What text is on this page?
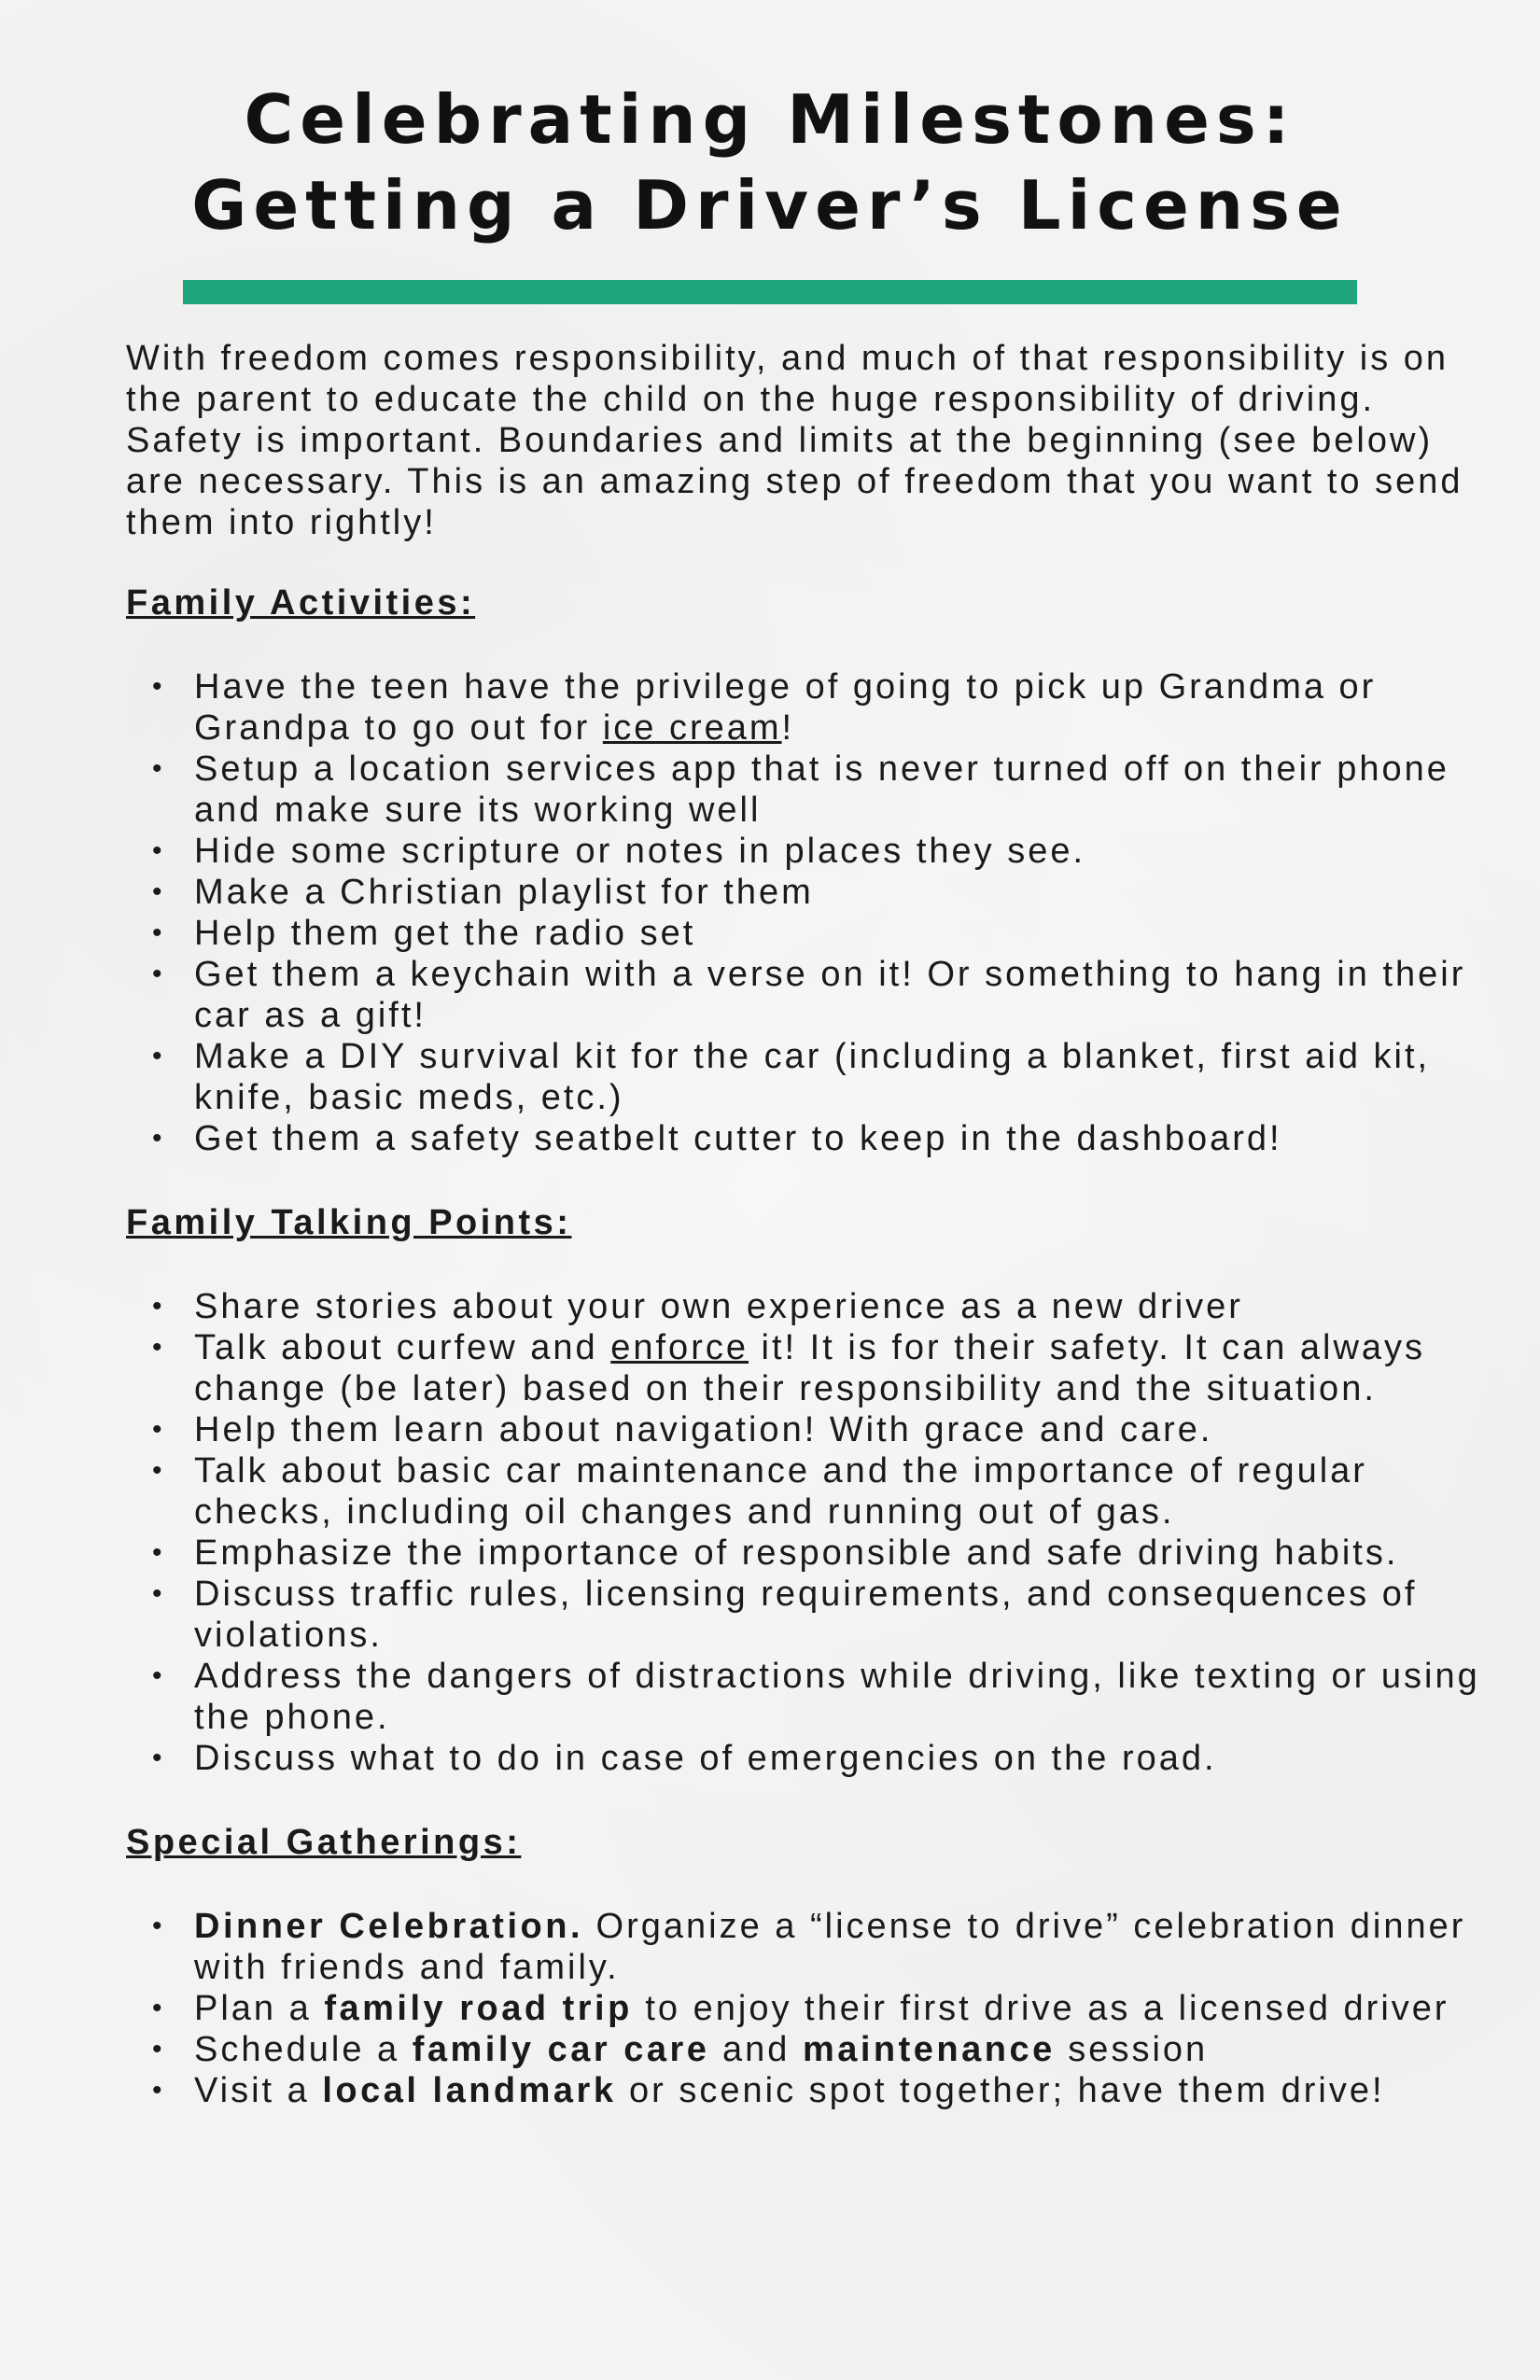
Celebrating Milestones:
Getting a Driver’s License

With freedom comes responsibility, and much of that responsibility is on the parent to educate the child on the huge responsibility of driving. Safety is important. Boundaries and limits at the beginning (see below) are necessary. This is an amazing step of freedom that you want to send them into rightly!

Family Activities:

• Have the teen have the privilege of going to pick up Grandma or Grandpa to go out for ice cream!
• Setup a location services app that is never turned off on their phone and make sure its working well
• Hide some scripture or notes in places they see.
• Make a Christian playlist for them
• Help them get the radio set
• Get them a keychain with a verse on it! Or something to hang in their car as a gift!
• Make a DIY survival kit for the car (including a blanket, first aid kit, knife, basic meds, etc.)
• Get them a safety seatbelt cutter to keep in the dashboard!

Family Talking Points:

• Share stories about your own experience as a new driver
• Talk about curfew and enforce it! It is for their safety. It can always change (be later) based on their responsibility and the situation.
• Help them learn about navigation! With grace and care.
• Talk about basic car maintenance and the importance of regular checks, including oil changes and running out of gas.
• Emphasize the importance of responsible and safe driving habits.
• Discuss traffic rules, licensing requirements, and consequences of violations.
• Address the dangers of distractions while driving, like texting or using the phone.
• Discuss what to do in case of emergencies on the road.

Special Gatherings:

• Dinner Celebration. Organize a “license to drive” celebration dinner with friends and family.
• Plan a family road trip to enjoy their first drive as a licensed driver
• Schedule a family car care and maintenance session
• Visit a local landmark or scenic spot together; have them drive!
